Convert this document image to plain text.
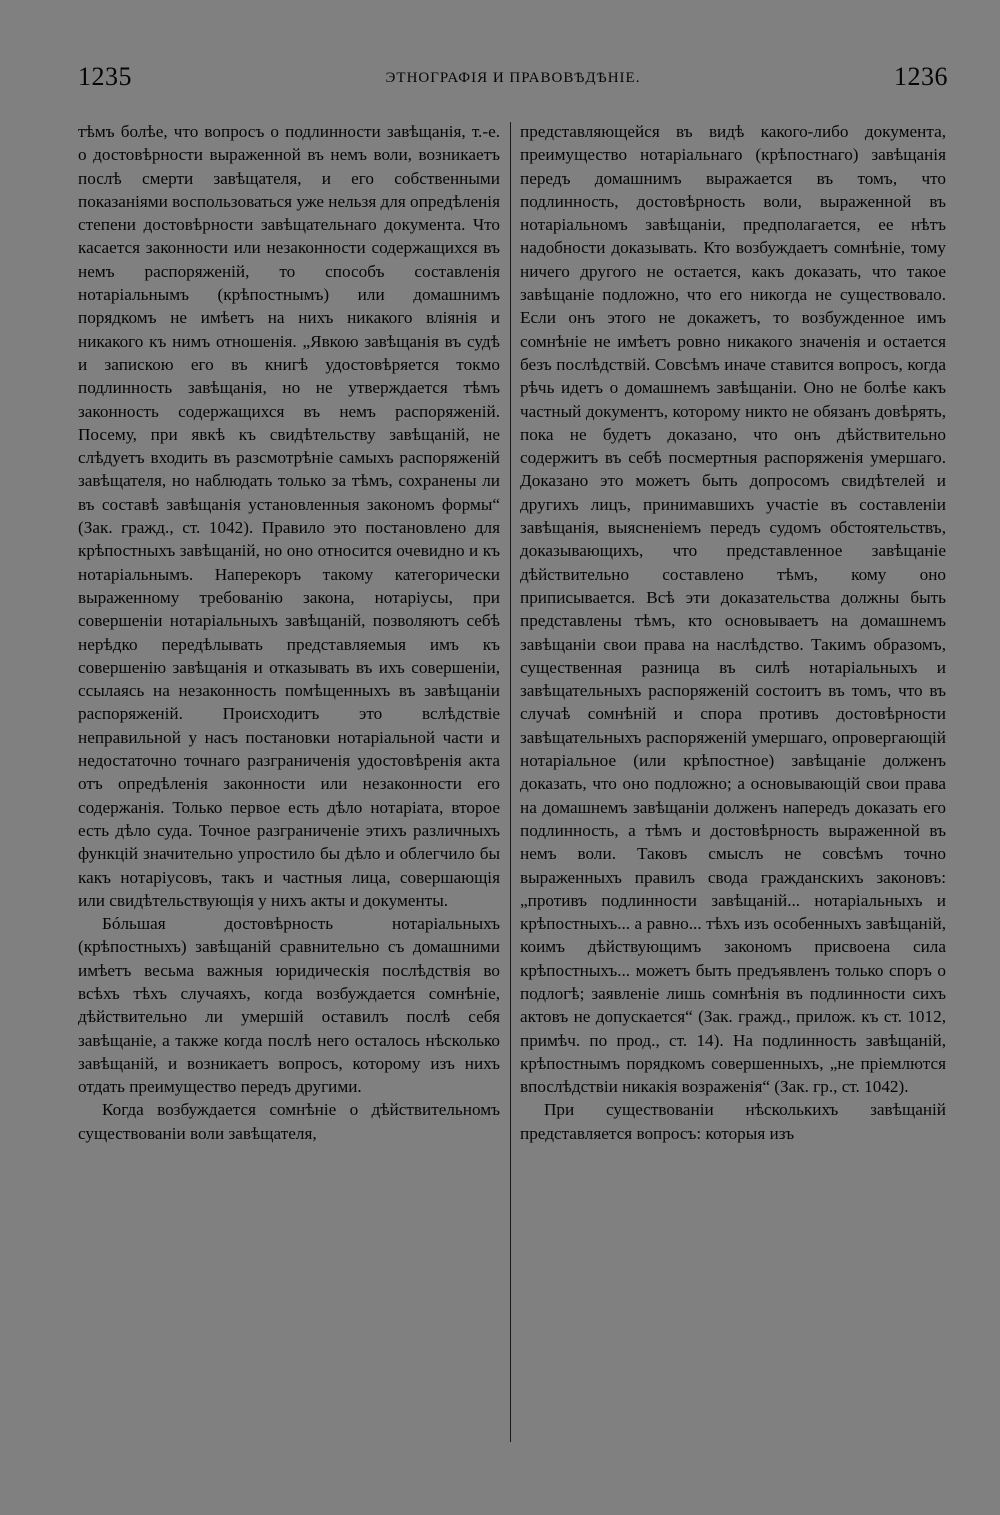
1235	ЭТНОГРАФІЯ И ПРАВОВѢДѢНІЕ.	1236

тѣмъ болѣе, что вопросъ о подлинности завѣщанія, т.-е. о достовѣрности выраженной въ немъ воли, возникаетъ послѣ смерти завѣщателя, и его собственными показаніями воспользоваться уже нельзя для опредѣленія степени достовѣрности завѣщательнаго документа. Что касается законности или незаконности содержащихся въ немъ распоряженій, то способъ составленія нотаріальнымъ (крѣпостнымъ) или домашнимъ порядкомъ не имѣетъ на нихъ никакого вліянія и никакого къ нимъ отношенія. „Явкою завѣщанія въ судѣ и запискою его въ книгѣ удостовѣряется токмо подлинность завѣщанія, но не утверждается тѣмъ законность содержащихся въ немъ распоряженій. Посему, при явкѣ къ свидѣтельству завѣщаній, не слѣдуетъ входить въ разсмотрѣніе самыхъ распоряженій завѣщателя, но наблюдать только за тѣмъ, сохранены ли въ составѣ завѣщанія установленныя закономъ формы“ (Зак. гражд., ст. 1042). Правило это постановлено для крѣпостныхъ завѣщаній, но оно относится очевидно и къ нотаріальнымъ. Наперекоръ такому категорически выраженному требованію закона, нотаріусы, при совершеніи нотаріальныхъ завѣщаній, позволяютъ себѣ нерѣдко передѣлывать представляемыя имъ къ совершенію завѣщанія и отказывать въ ихъ совершеніи, ссылаясь на незаконность помѣщенныхъ въ завѣщаніи распоряженій. Происходитъ это вслѣдствіе неправильной у насъ постановки нотаріальной части и недостаточно точнаго разграниченія удостовѣренія акта отъ опредѣленія законности или незаконности его содержанія. Только первое есть дѣло нотаріата, второе есть дѣло суда. Точное разграниченіе этихъ различныхъ функцій значительно упростило бы дѣло и облегчило бы какъ нотаріусовъ, такъ и частныя лица, совершающія или свидѣтельствующія у нихъ акты и документы.

Бóльшая достовѣрность нотаріальныхъ (крѣпостныхъ) завѣщаній сравнительно съ домашними имѣетъ весьма важныя юридическія послѣдствія во всѣхъ тѣхъ случаяхъ, когда возбуждается сомнѣніе, дѣйствительно ли умершій оставилъ послѣ себя завѣщаніе, а также когда послѣ него осталось нѣсколько завѣщаній, и возникаетъ вопросъ, которому изъ нихъ отдать преимущество передъ другими.

Когда возбуждается сомнѣніе о дѣйствительномъ существованіи воли завѣщателя,

представляющейся въ видѣ какого-либо документа, преимущество нотаріальнаго (крѣпостнаго) завѣщанія передъ домашнимъ выражается въ томъ, что подлинность, достовѣрность воли, выраженной въ нотаріальномъ завѣщаніи, предполагается, ее нѣтъ надобности доказывать. Кто возбуждаетъ сомнѣніе, тому ничего другого не остается, какъ доказать, что такое завѣщаніе подложно, что его никогда не существовало. Если онъ этого не докажетъ, то возбужденное имъ сомнѣніе не имѣетъ ровно никакого значенія и остается безъ послѣдствій. Совсѣмъ иначе ставится вопросъ, когда рѣчь идетъ о домашнемъ завѣщаніи. Оно не болѣе какъ частный документъ, которому никто не обязанъ довѣрять, пока не будетъ доказано, что онъ дѣйствительно содержитъ въ себѣ посмертныя распоряженія умершаго. Доказано это можетъ быть допросомъ свидѣтелей и другихъ лицъ, принимавшихъ участіе въ составленіи завѣщанія, выясненіемъ передъ судомъ обстоятельствъ, доказывающихъ, что представленное завѣщаніе дѣйствительно составлено тѣмъ, кому оно приписывается. Всѣ эти доказательства должны быть представлены тѣмъ, кто основываетъ на домашнемъ завѣщаніи свои права на наслѣдство. Такимъ образомъ, существенная разница въ силѣ нотаріальныхъ и завѣщательныхъ распоряженій состоитъ въ томъ, что въ случаѣ сомнѣній и спора противъ достовѣрности завѣщательныхъ распоряженій умершаго, опровергающій нотаріальное (или крѣпостное) завѣщаніе долженъ доказать, что оно подложно; а основывающій свои права на домашнемъ завѣщаніи долженъ напередъ доказать его подлинность, а тѣмъ и достовѣрность выраженной въ немъ воли. Таковъ смыслъ не совсѣмъ точно выраженныхъ правилъ свода гражданскихъ законовъ: „противъ подлинности завѣщаній... нотаріальныхъ и крѣпостныхъ... а равно... тѣхъ изъ особенныхъ завѣщаній, коимъ дѣйствующимъ закономъ присвоена сила крѣпостныхъ... можетъ быть предъявленъ только споръ о подлогѣ; заявленіе лишь сомнѣнія въ подлинности сихъ актовъ не допускается“ (Зак. гражд., прилож. къ ст. 1012, примѣч. по прод., ст. 14). На подлинность завѣщаній, крѣпостнымъ порядкомъ совершенныхъ, „не пріемлются впослѣдствіи никакія возраженія“ (Зак. гр., ст. 1042).

При существованіи нѣсколькихъ завѣщаній представляется вопросъ: которыя изъ
